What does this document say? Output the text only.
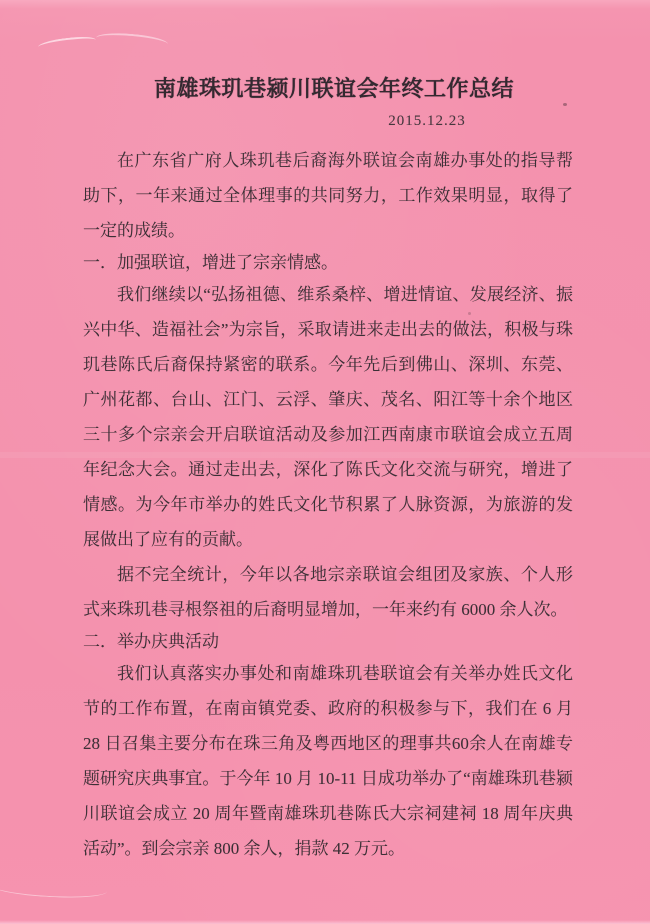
南雄珠玑巷颍川联谊会年终工作总结
2015.12.23

在广东省广府人珠玑巷后裔海外联谊会南雄办事处的指导帮助下，一年来通过全体理事的共同努力，工作效果明显，取得了一定的成绩。

一．加强联谊，增进了宗亲情感。

我们继续以“弘扬祖德、维系桑梓、增进情谊、发展经济、振兴中华、造福社会”为宗旨，采取请进来走出去的做法，积极与珠玑巷陈氏后裔保持紧密的联系。今年先后到佛山、深圳、东莞、广州花都、台山、江门、云浮、肇庆、茂名、阳江等十余个地区三十多个宗亲会开启联谊活动及参加江西南康市联谊会成立五周年纪念大会。通过走出去，深化了陈氏文化交流与研究，增进了情感。为今年市举办的姓氏文化节积累了人脉资源，为旅游的发展做出了应有的贡献。

据不完全统计，今年以各地宗亲联谊会组团及家族、个人形式来珠玑巷寻根祭祖的后裔明显增加，一年来约有 6000 余人次。

二．举办庆典活动

我们认真落实办事处和南雄珠玑巷联谊会有关举办姓氏文化节的工作布置，在南亩镇党委、政府的积极参与下，我们在 6 月 28 日召集主要分布在珠三角及粤西地区的理事共60余人在南雄专题研究庆典事宜。于今年 10 月 10-11 日成功举办了“南雄珠玑巷颍川联谊会成立 20 周年暨南雄珠玑巷陈氏大宗祠建祠 18 周年庆典活动”。到会宗亲 800 余人，捐款 42 万元。
